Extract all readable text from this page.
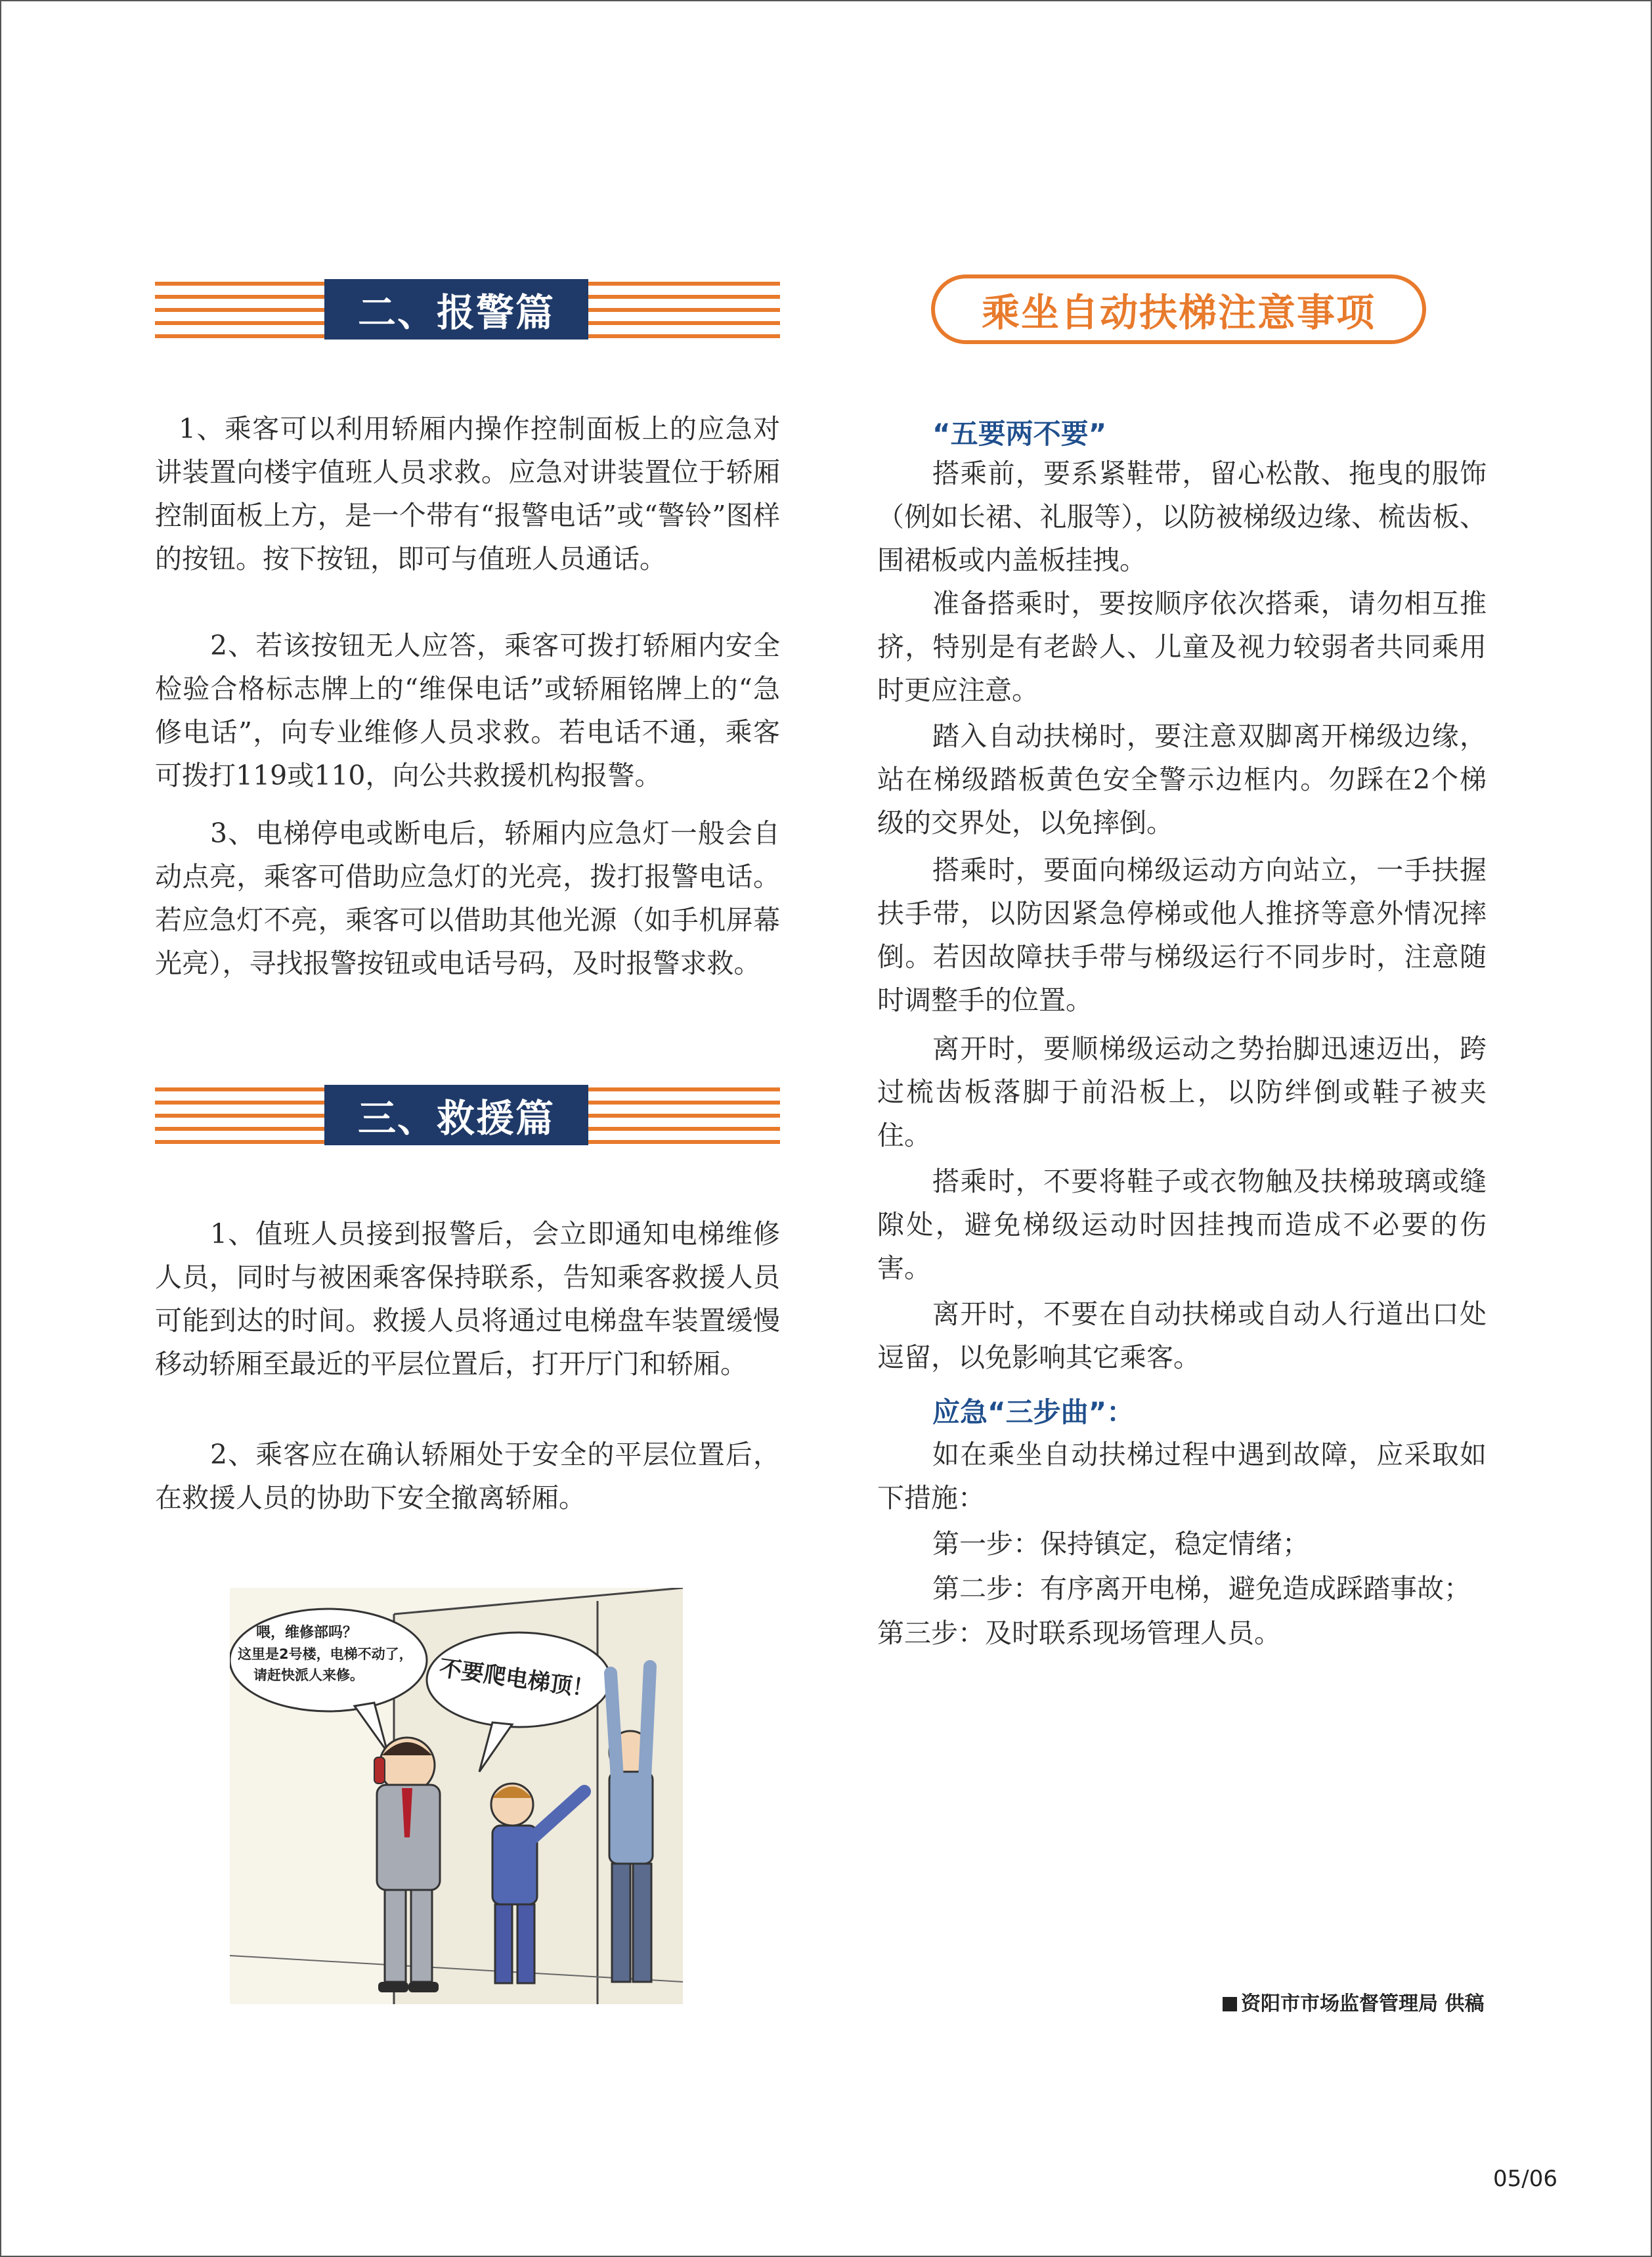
二、报警篇

1、乘客可以利用轿厢内操作控制面板上的应急对讲装置向楼宇值班人员求救。应急对讲装置位于轿厢控制面板上方，是一个带有“报警电话”或“警铃”图样的按钮。按下按钮，即可与值班人员通话。

2、若该按钮无人应答，乘客可拨打轿厢内安全检验合格标志牌上的“维保电话”或轿厢铭牌上的“急修电话”，向专业维修人员求救。若电话不通，乘客可拨打119或110，向公共救援机构报警。

3、电梯停电或断电后，轿厢内应急灯一般会自动点亮，乘客可借助应急灯的光亮，拨打报警电话。若应急灯不亮，乘客可以借助其他光源（如手机屏幕光亮），寻找报警按钮或电话号码，及时报警求救。

三、救援篇

1、值班人员接到报警后，会立即通知电梯维修人员，同时与被困乘客保持联系，告知乘客救援人员可能到达的时间。救援人员将通过电梯盘车装置缓慢移动轿厢至最近的平层位置后，打开厅门和轿厢。

2、乘客应在确认轿厢处于安全的平层位置后，在救援人员的协助下安全撤离轿厢。

喂，维修部吗？
这里是2号楼，电梯不动了，
请赶快派人来修。	不要爬电梯顶！
乘坐自动扶梯注意事项
“五要两不要”

搭乘前，要系紧鞋带，留心松散、拖曳的服饰（例如长裙、礼服等），以防被梯级边缘、梳齿板、围裙板或内盖板挂拽。

准备搭乘时，要按顺序依次搭乘，请勿相互推挤，特别是有老龄人、儿童及视力较弱者共同乘用时更应注意。

踏入自动扶梯时，要注意双脚离开梯级边缘，站在梯级踏板黄色安全警示边框内。勿踩在2个梯级的交界处，以免摔倒。

搭乘时，要面向梯级运动方向站立，一手扶握扶手带，以防因紧急停梯或他人推挤等意外情况摔倒。若因故障扶手带与梯级运行不同步时，注意随时调整手的位置。

离开时，要顺梯级运动之势抬脚迅速迈出，跨过梳齿板落脚于前沿板上，以防绊倒或鞋子被夹住。

搭乘时，不要将鞋子或衣物触及扶梯玻璃或缝隙处，避免梯级运动时因挂拽而造成不必要的伤害。

离开时，不要在自动扶梯或自动人行道出口处逗留，以免影响其它乘客。

应急“三步曲”：

如在乘坐自动扶梯过程中遇到故障，应采取如下措施：

第一步：保持镇定，稳定情绪；

第二步：有序离开电梯，避免造成踩踏事故；

第三步：及时联系现场管理人员。

资阳市市场监督管理局 供稿
05/06
